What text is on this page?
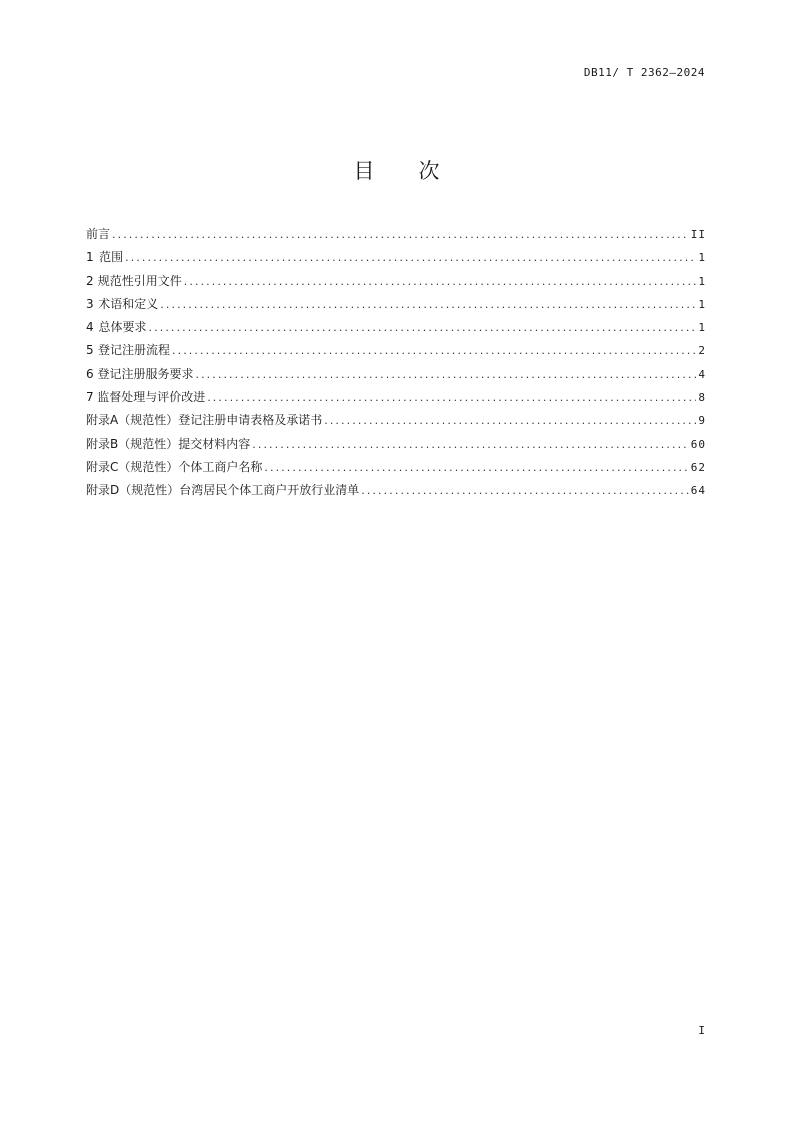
DB11/ T 2362—2024
目次
前言 .....	II
1 范围 .....	1
2 规范性引用文件 .....	1
3 术语和定义 .....	1
4 总体要求 .....	1
5 登记注册流程 .....	2
6 登记注册服务要求 .....	4
7 监督处理与评价改进 .....	8
附录A（规范性） 登记注册申请表格及承诺书 .....	9
附录B（规范性） 提交材料内容 .....	60
附录C（规范性） 个体工商户名称 .....	62
附录D（规范性） 台湾居民个体工商户开放行业清单 .....	64
I
